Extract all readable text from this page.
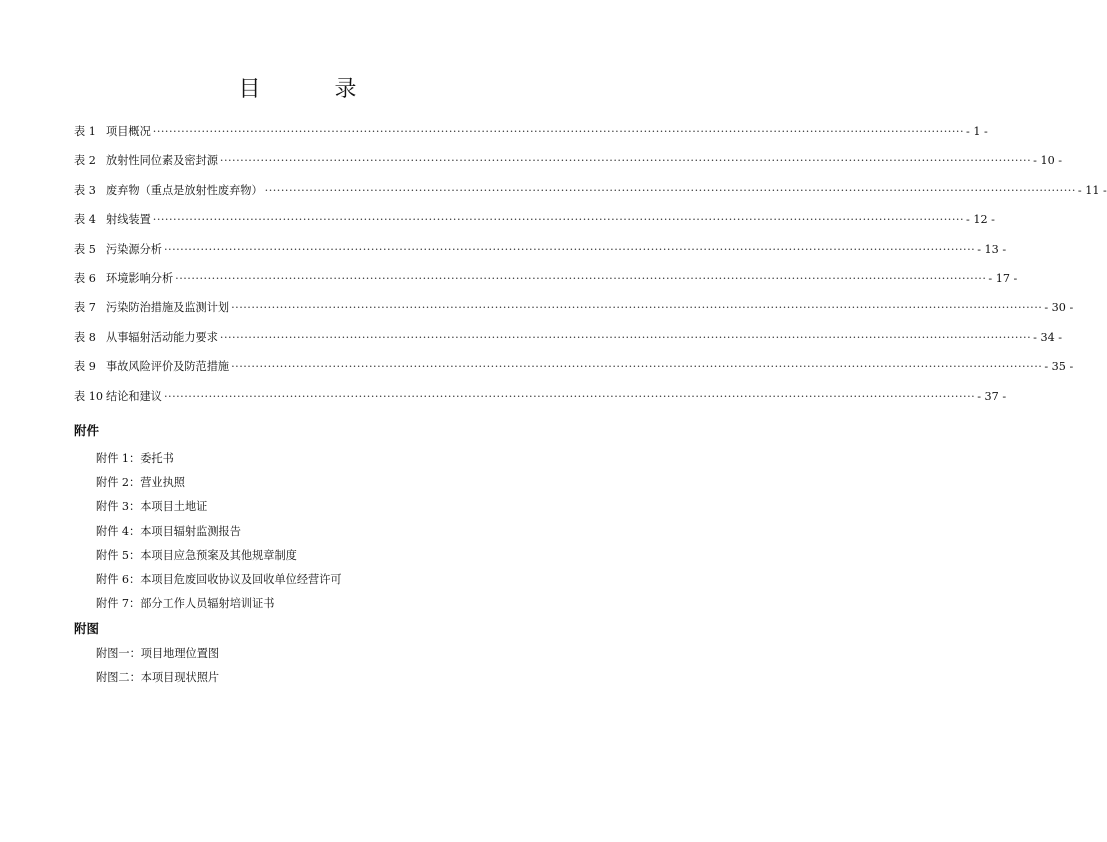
目　录
表 1 项目概况 ········································································································································································································ - 1 -
表 2 放射性同位素及密封源 ········································································································································································································ - 10 -
表 3 废弃物（重点是放射性废弃物） ········································································································································································································ - 11 -
表 4 射线装置 ········································································································································································································ - 12 -
表 5 污染源分析 ········································································································································································································ - 13 -
表 6 环境影响分析 ········································································································································································································ - 17 -
表 7 污染防治措施及监测计划 ········································································································································································································ - 30 -
表 8 从事辐射活动能力要求 ········································································································································································································ - 34 -
表 9 事故风险评价及防范措施 ········································································································································································································ - 35 -
表 10 结论和建议 ········································································································································································································ - 37 -
附件
附件 1：委托书
附件 2：营业执照
附件 3：本项目土地证
附件 4：本项目辐射监测报告
附件 5：本项目应急预案及其他规章制度
附件 6：本项目危废回收协议及回收单位经营许可
附件 7：部分工作人员辐射培训证书
附图
附图一：项目地理位置图
附图二：本项目现状照片
